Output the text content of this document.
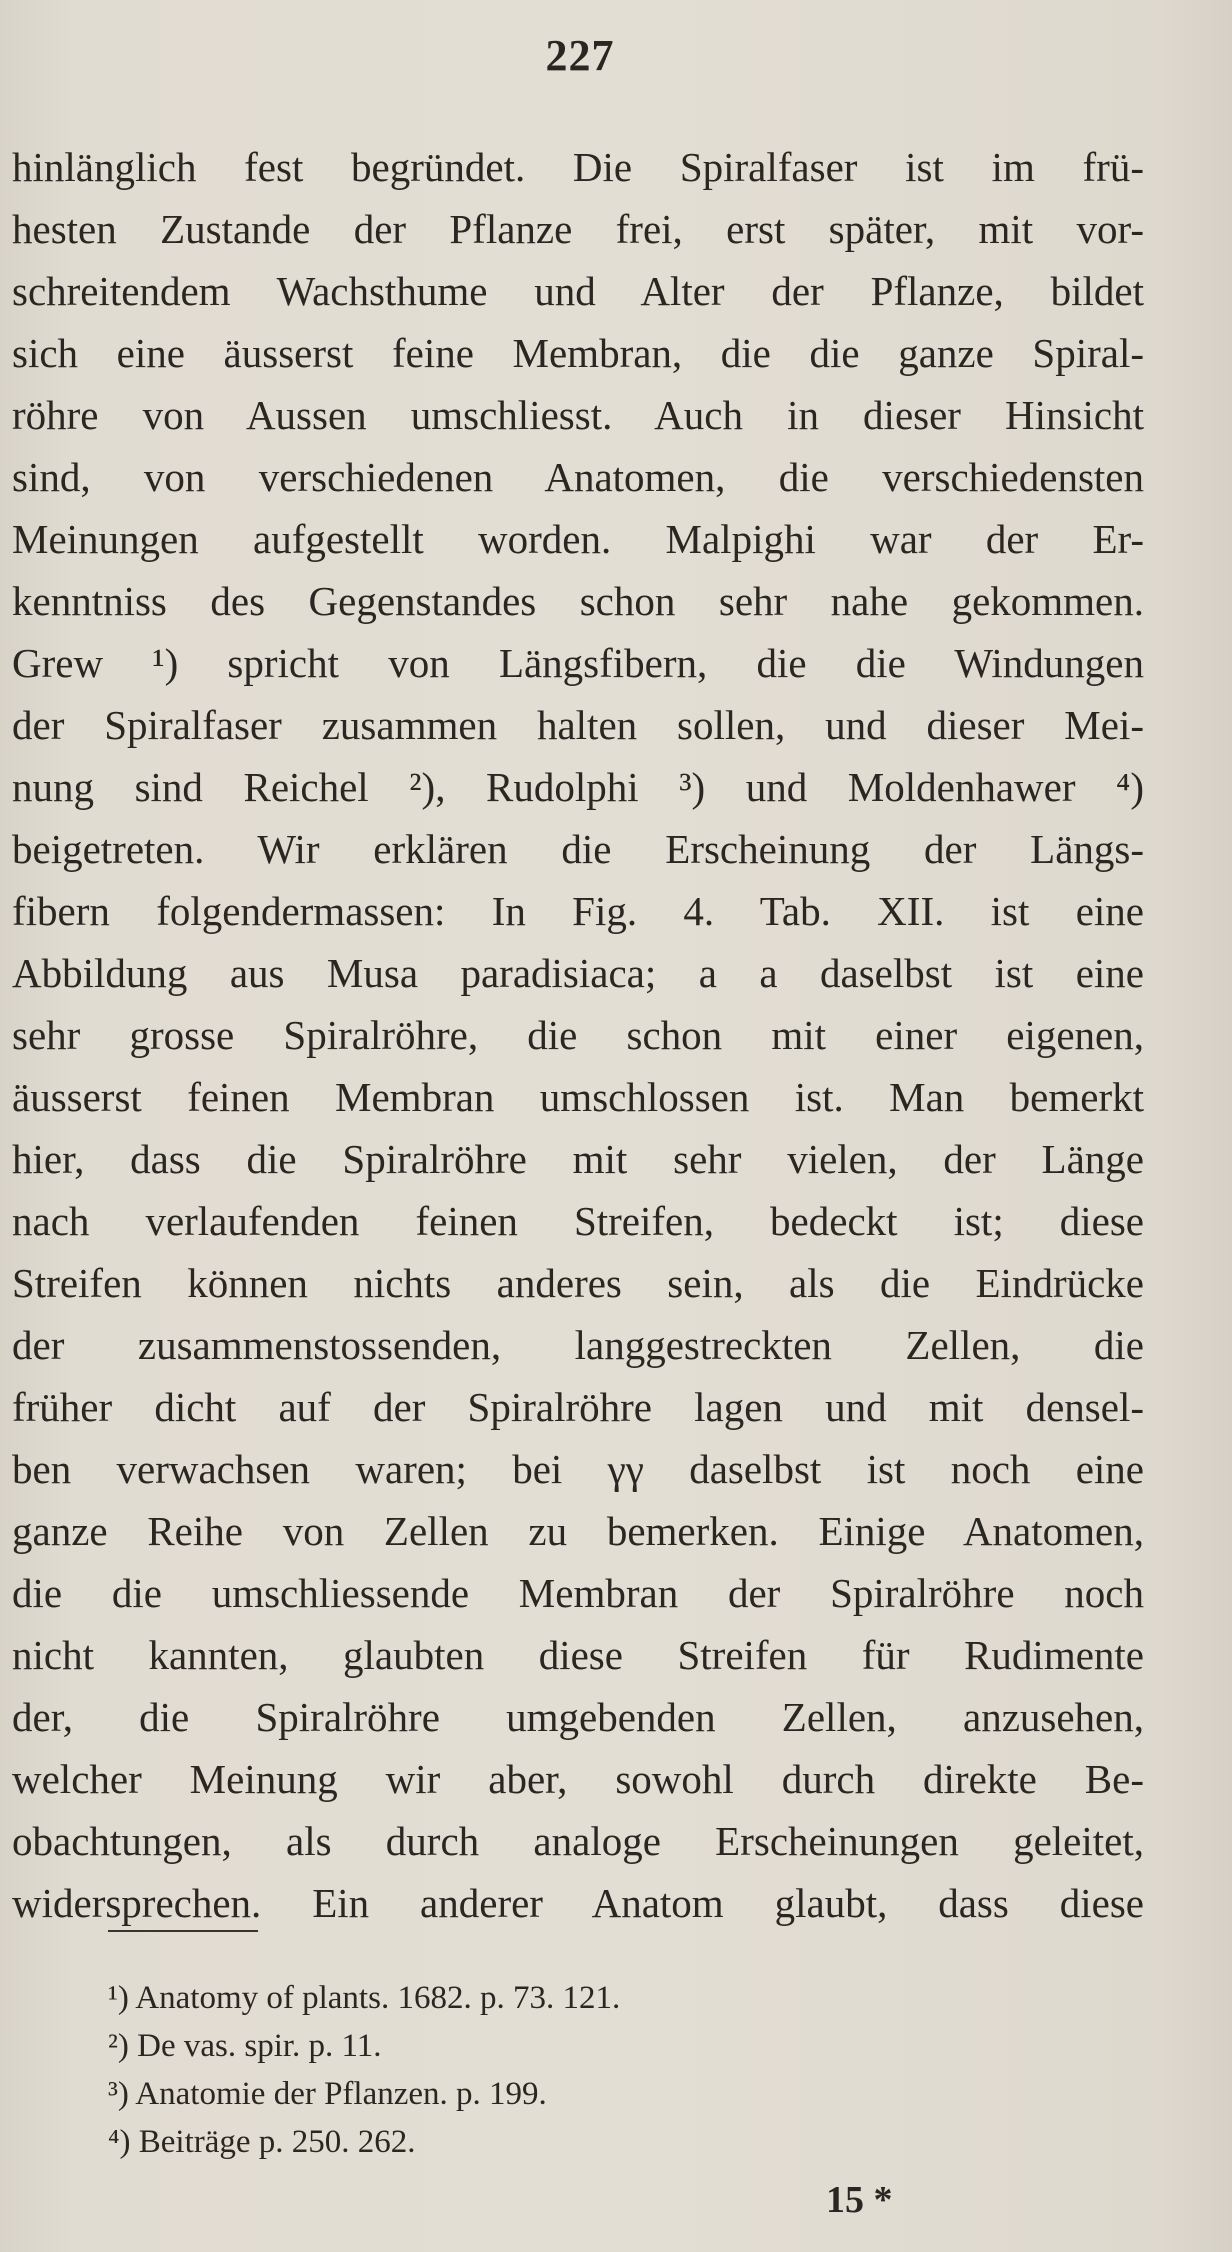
227
hinlänglich fest begründet. Die Spiralfaser ist im frü-
hesten Zustande der Pflanze frei, erst später, mit vor-
schreitendem Wachsthume und Alter der Pflanze, bildet
sich eine äusserst feine Membran, die die ganze Spiral-
röhre von Aussen umschliesst. Auch in dieser Hinsicht
sind, von verschiedenen Anatomen, die verschiedensten
Meinungen aufgestellt worden. Malpighi war der Er-
kenntniss des Gegenstandes schon sehr nahe gekommen.
Grew ¹) spricht von Längsfibern, die die Windungen
der Spiralfaser zusammen halten sollen, und dieser Mei-
nung sind Reichel ²), Rudolphi ³) und Moldenhawer ⁴)
beigetreten. Wir erklären die Erscheinung der Längs-
fibern folgendermassen: In Fig. 4. Tab. XII. ist eine
Abbildung aus Musa paradisiaca; a a daselbst ist eine
sehr grosse Spiralröhre, die schon mit einer eigenen,
äusserst feinen Membran umschlossen ist. Man bemerkt
hier, dass die Spiralröhre mit sehr vielen, der Länge
nach verlaufenden feinen Streifen, bedeckt ist; diese
Streifen können nichts anderes sein, als die Eindrücke
der zusammenstossenden, langgestreckten Zellen, die
früher dicht auf der Spiralröhre lagen und mit densel-
ben verwachsen waren; bei γγ daselbst ist noch eine
ganze Reihe von Zellen zu bemerken. Einige Anatomen,
die die umschliessende Membran der Spiralröhre noch
nicht kannten, glaubten diese Streifen für Rudimente
der, die Spiralröhre umgebenden Zellen, anzusehen,
welcher Meinung wir aber, sowohl durch direkte Be-
obachtungen, als durch analoge Erscheinungen geleitet,
widersprechen. Ein anderer Anatom glaubt, dass diese
¹) Anatomy of plants. 1682. p. 73. 121.
²) De vas. spir. p. 11.
³) Anatomie der Pflanzen. p. 199.
⁴) Beiträge p. 250. 262.
15 *
